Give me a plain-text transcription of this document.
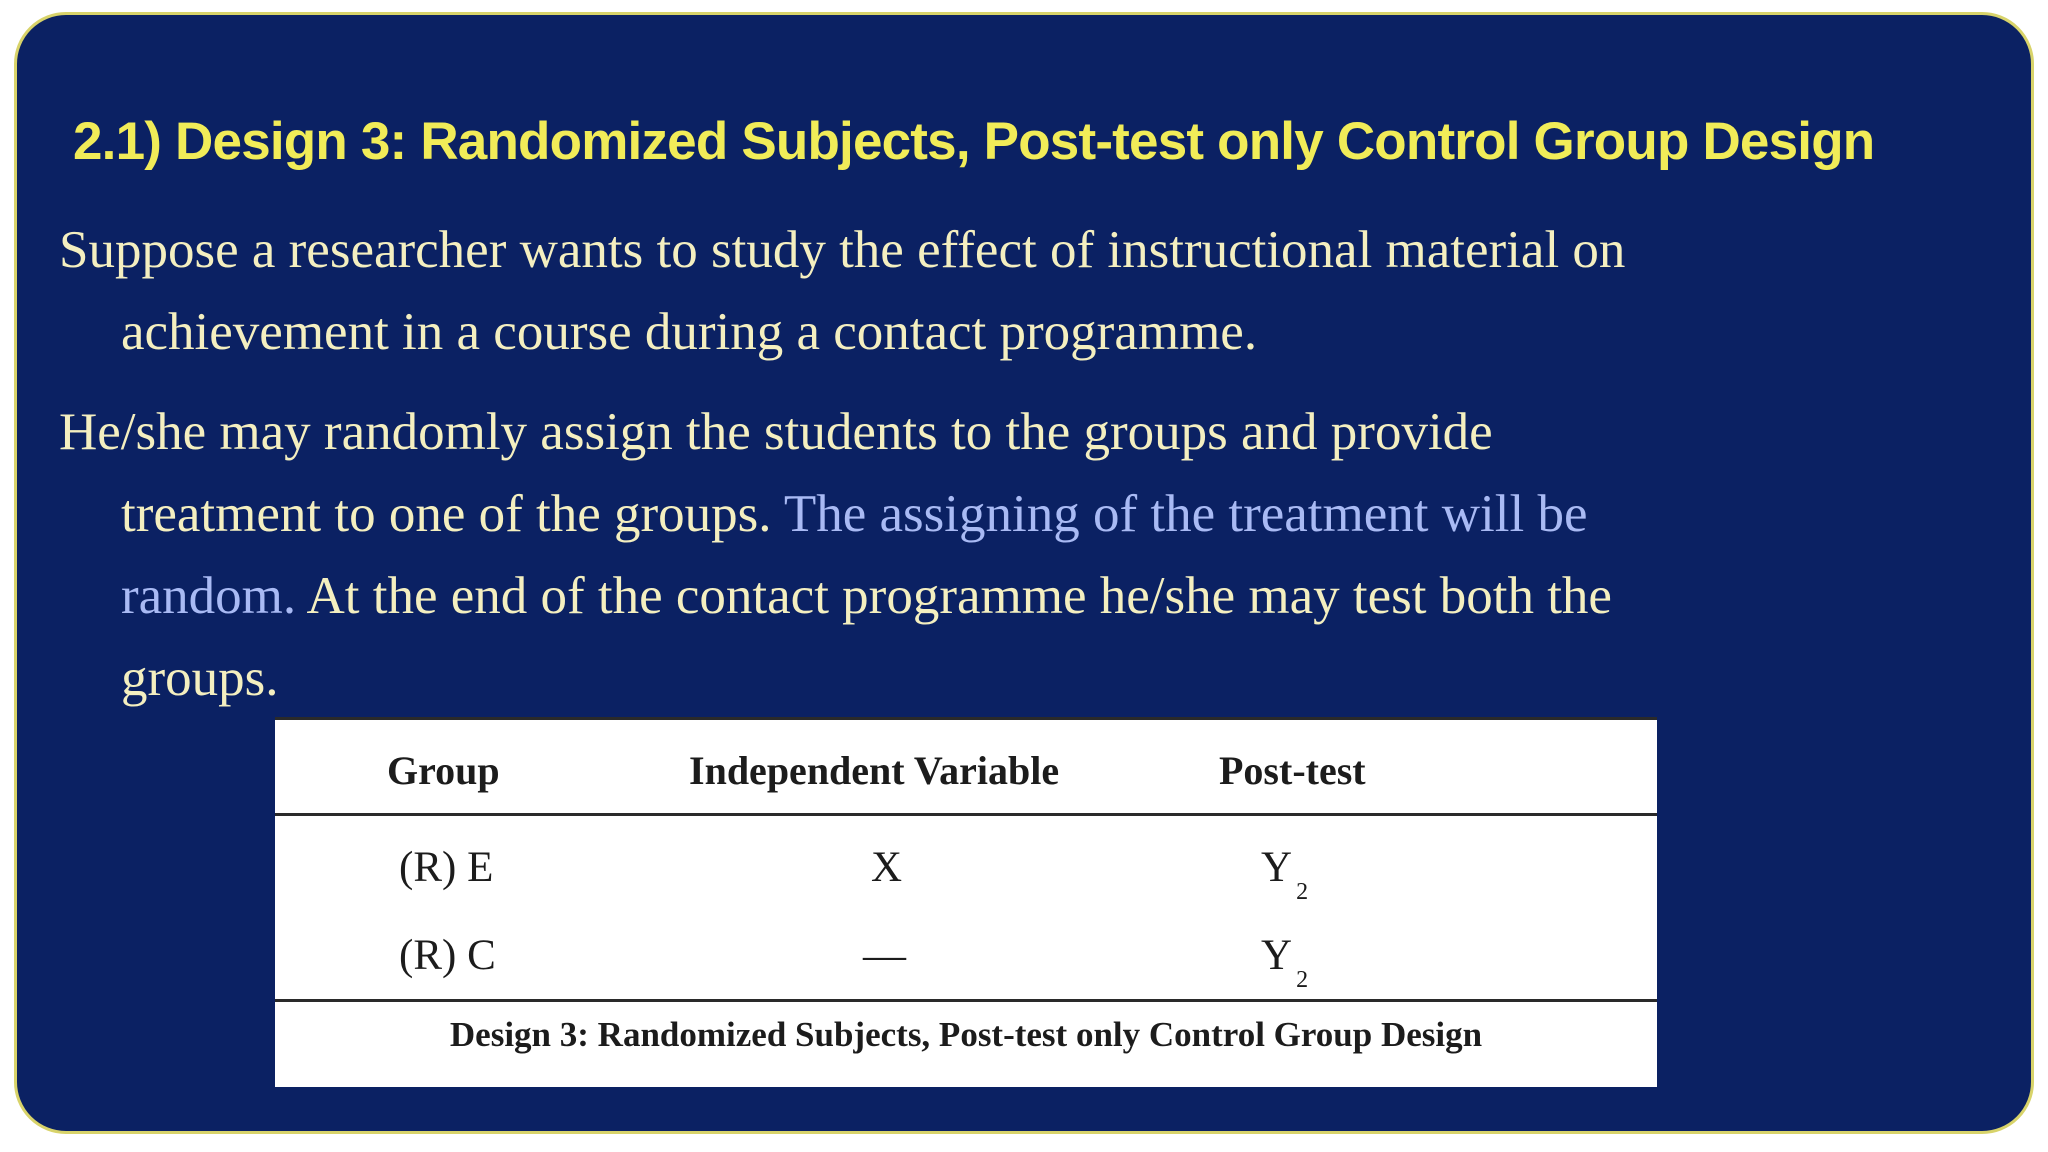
2.1) Design 3: Randomized Subjects, Post-test only Control Group Design

Suppose a researcher wants to study the effect of instructional material on
achievement in a course during a contact programme.

He/she may randomly assign the students to the groups and provide
treatment to one of the groups. The assigning of the treatment will be
random. At the end of the contact programme he/she may test both the
groups.

Group	Independent Variable	Post-test
(R) E	X	$Y_2$
(R) C	—	$Y_2$
Design 3: Randomized Subjects, Post-test only Control Group Design
